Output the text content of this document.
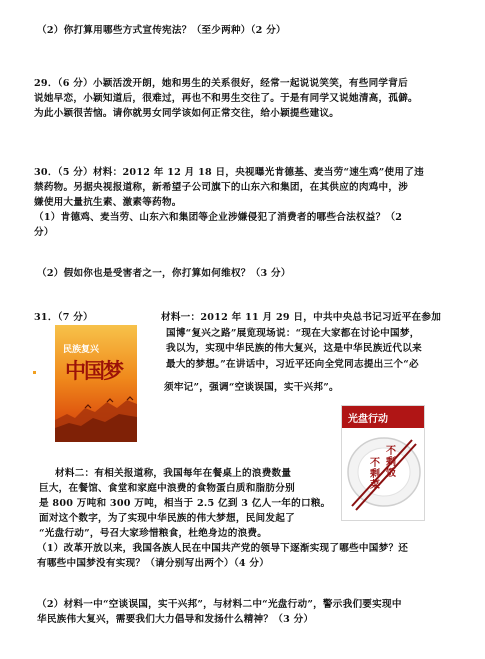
（2）你打算用哪些方式宣传宪法？（至少两种）（2 分）
29．（6 分）小颖活泼开朗，她和男生的关系很好，经常一起说说笑笑，有些同学背后
说她早恋，小颖知道后，很难过，再也不和男生交往了。于是有同学又说她清高，孤僻。
为此小颖很苦恼。请你就男女同学该如何正常交往，给小颖提些建议。
30．（5 分）材料：2012 年 12 月 18 日，央视曝光肯德基、麦当劳“速生鸡”使用了违
禁药物。另据央视报道称，新希望子公司旗下的山东六和集团，在其供应的肉鸡中，涉
嫌使用大量抗生素、激素等药物。
（1）肯德鸡、麦当劳、山东六和集团等企业涉嫌侵犯了消费者的哪些合法权益？（2
分）
（2）假如你也是受害者之一，你打算如何维权？（3 分）
31．（7 分）	材料一：2012 年 11 月 29 日，中共中央总书记习近平在参加
国博“复兴之路”展览现场说：“现在大家都在讨论中国梦，
我以为，实现中华民族的伟大复兴，这是中华民族近代以来
最大的梦想。”在讲话中，习近平还向全党同志提出三个“必
须牢记”，强调“空谈误国，实干兴邦”。
民族复兴
中国梦
光盘行动
不
剩
饭
不
剩
菜
材料二：有相关报道称，我国每年在餐桌上的浪费数量
巨大，在餐馆、食堂和家庭中浪费的食物蛋白质和脂肪分别
是 800 万吨和 300 万吨，相当于 2.5 亿到 3 亿人一年的口粮。
面对这个数字，为了实现中华民族的伟大梦想，民间发起了
“光盘行动”，号召大家珍惜粮食，杜绝身边的浪费。
（1）改革开放以来，我国各族人民在中国共产党的领导下逐渐实现了哪些中国梦？还
有哪些中国梦没有实现？（请分别写出两个）（4 分）
（2）材料一中“空谈误国，实干兴邦”，与材料二中“光盘行动”，警示我们要实现中
华民族伟大复兴，需要我们大力倡导和发扬什么精神？（3 分）
